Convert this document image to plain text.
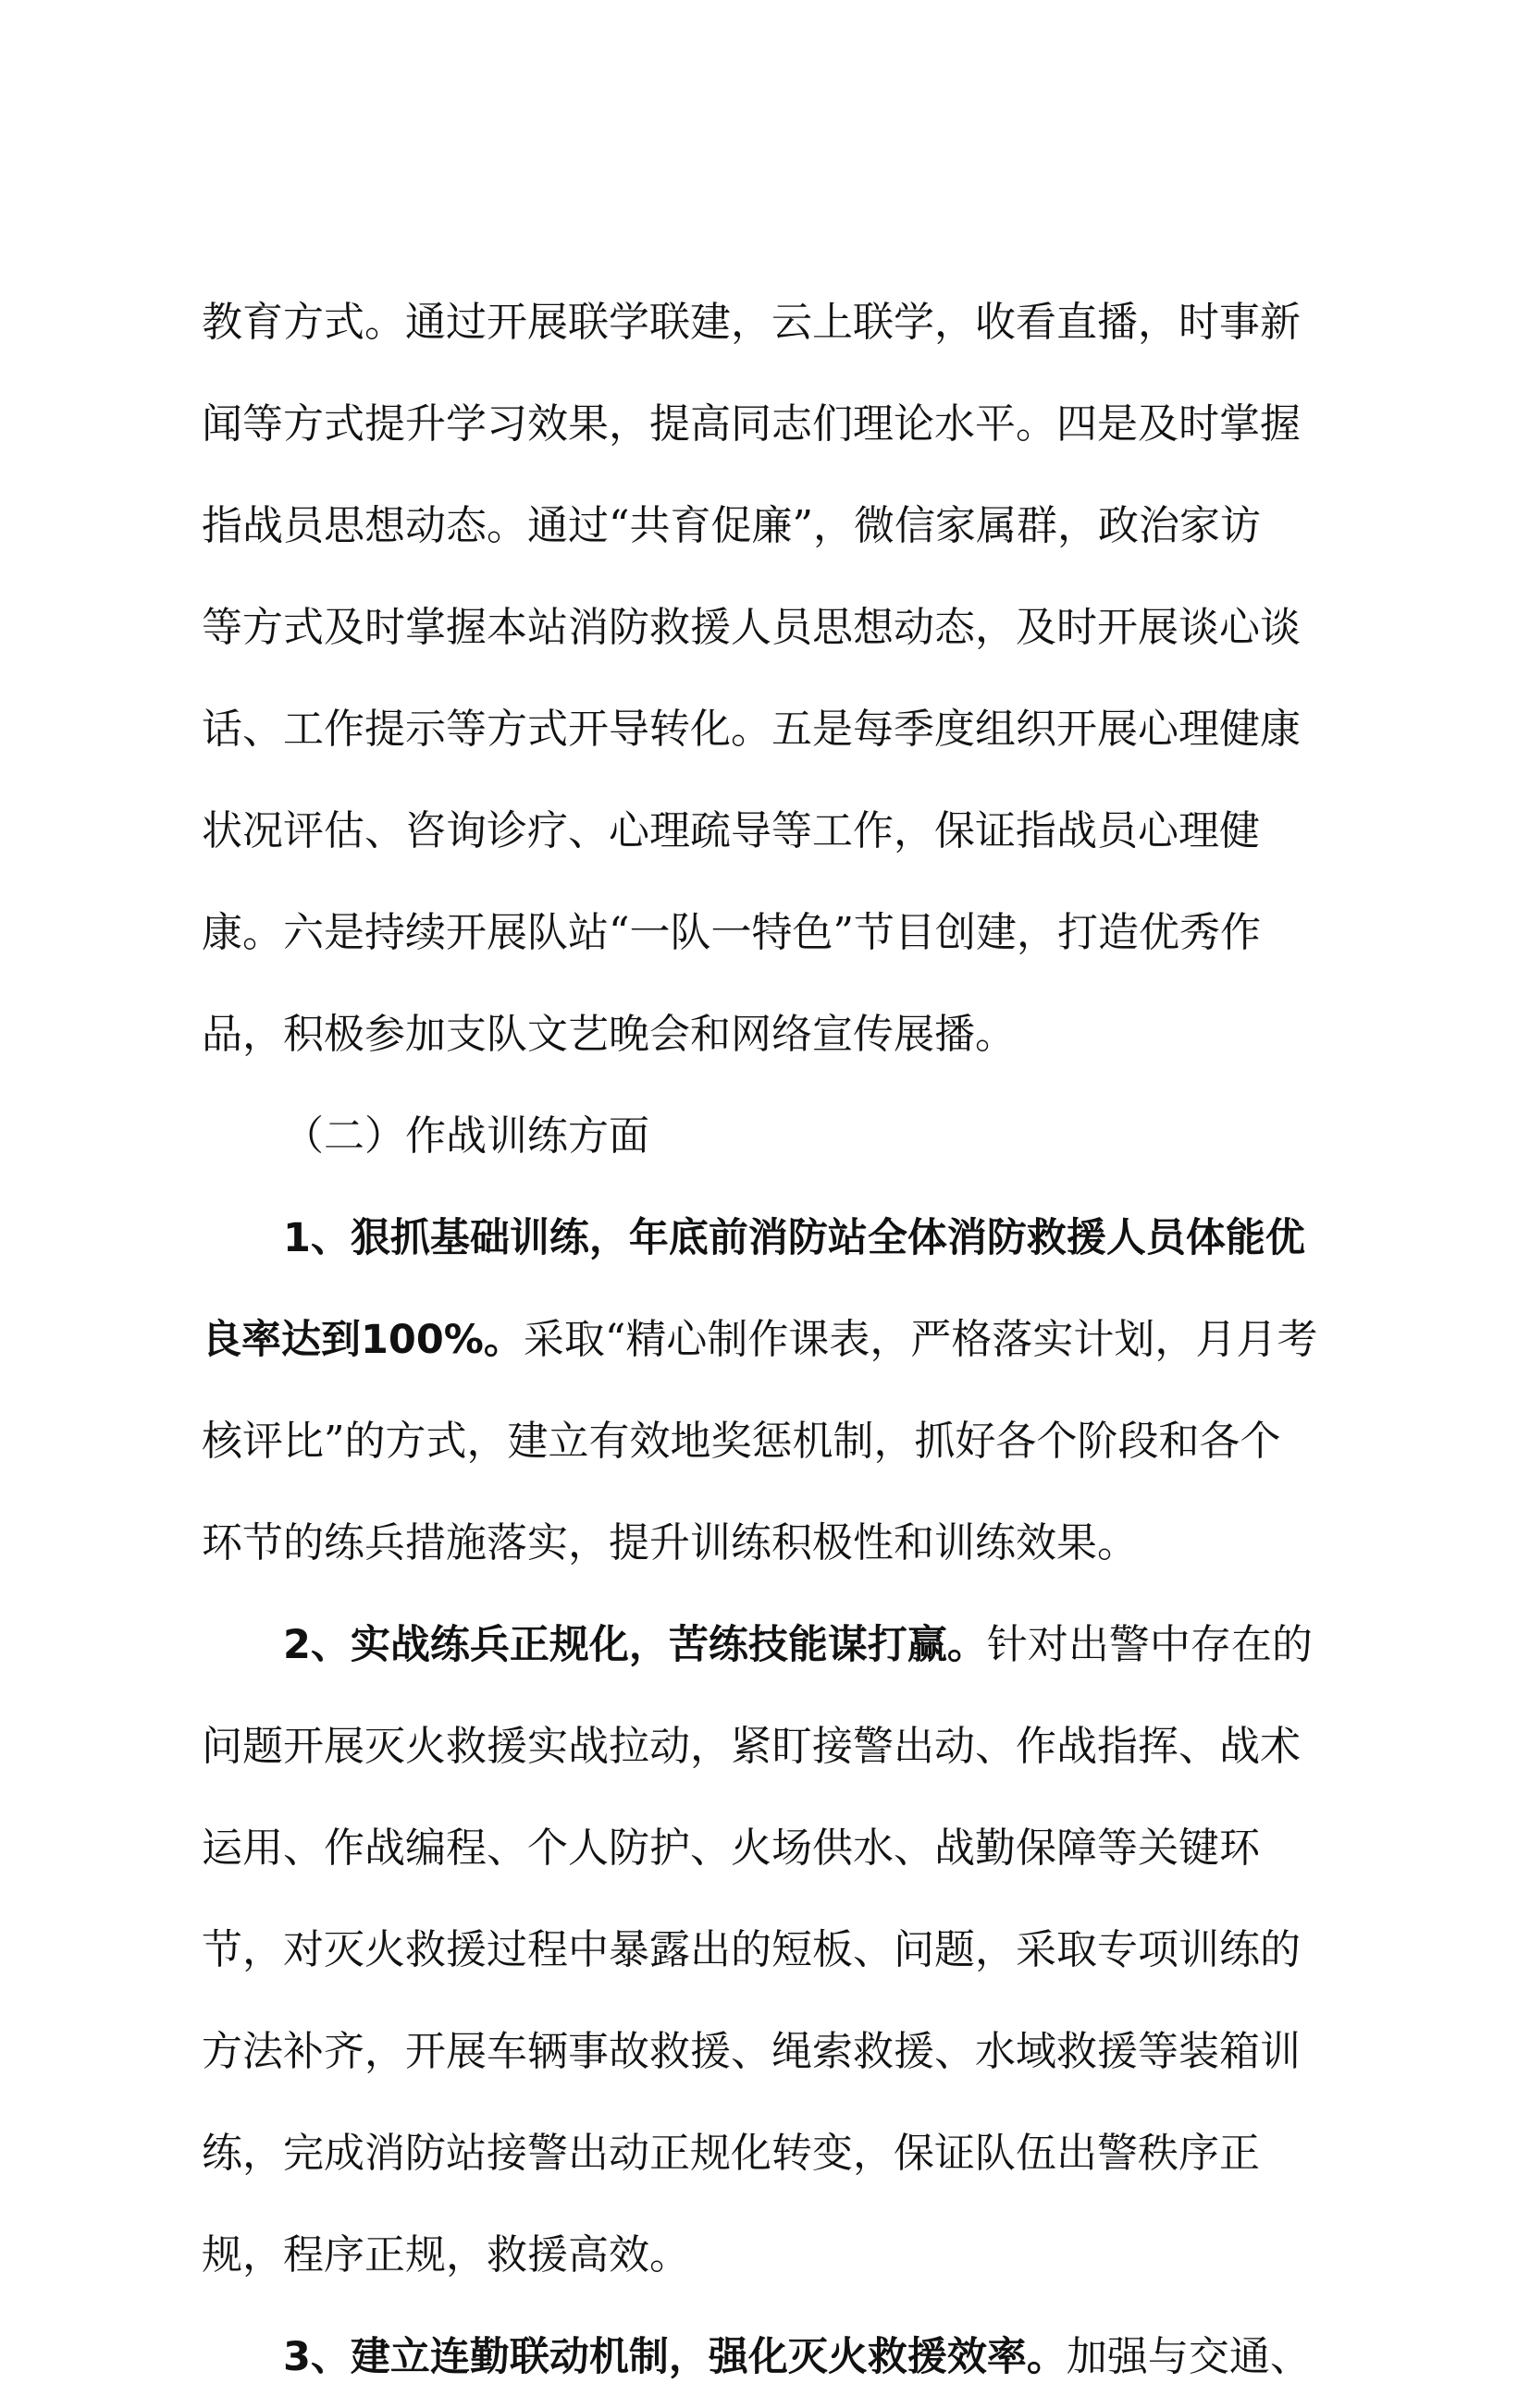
教育方式。通过开展联学联建，云上联学，收看直播，时事新
闻等方式提升学习效果，提高同志们理论水平。四是及时掌握
指战员思想动态。通过“共育促廉”，微信家属群，政治家访
等方式及时掌握本站消防救援人员思想动态，及时开展谈心谈
话、工作提示等方式开导转化。五是每季度组织开展心理健康
状况评估、咨询诊疗、心理疏导等工作，保证指战员心理健
康。六是持续开展队站“一队一特色”节目创建，打造优秀作
品，积极参加支队文艺晚会和网络宣传展播。
（二）作战训练方面
1、狠抓基础训练，年底前消防站全体消防救援人员体能优
良率达到100%。采取“精心制作课表，严格落实计划，月月考
核评比”的方式，建立有效地奖惩机制，抓好各个阶段和各个
环节的练兵措施落实，提升训练积极性和训练效果。
2、实战练兵正规化，苦练技能谋打赢。针对出警中存在的
问题开展灭火救援实战拉动，紧盯接警出动、作战指挥、战术
运用、作战编程、个人防护、火场供水、战勤保障等关键环
节，对灭火救援过程中暴露出的短板、问题，采取专项训练的
方法补齐，开展车辆事故救援、绳索救援、水域救援等装箱训
练，完成消防站接警出动正规化转变，保证队伍出警秩序正
规，程序正规，救援高效。
3、建立连勤联动机制，强化灭火救援效率。加强与交通、
